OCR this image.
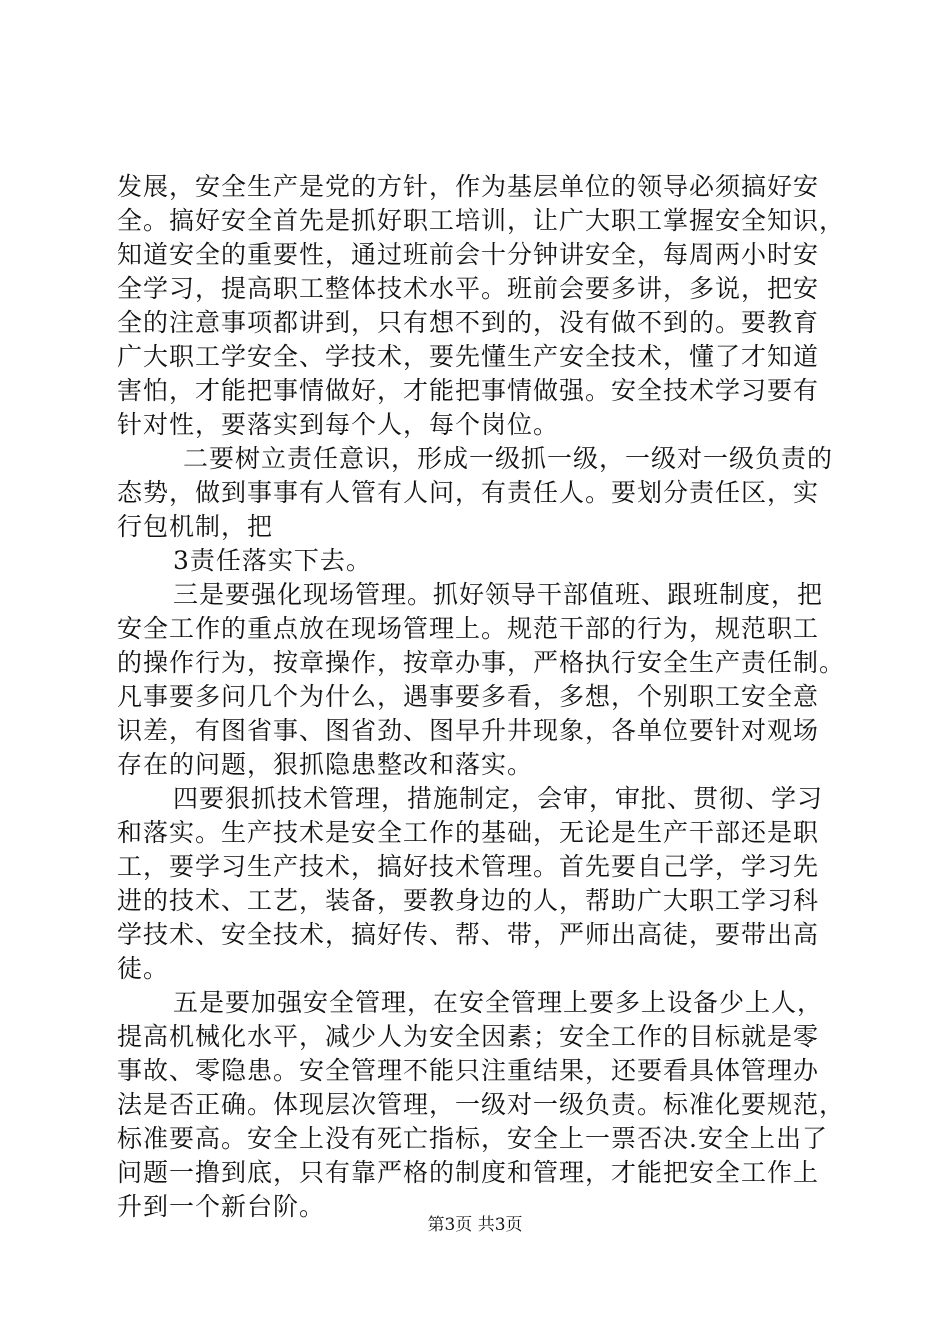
发展，安全生产是党的方针，作为基层单位的领导必须搞好安
全。搞好安全首先是抓好职工培训，让广大职工掌握安全知识，
知道安全的重要性，通过班前会十分钟讲安全，每周两小时安
全学习，提高职工整体技术水平。班前会要多讲，多说，把安
全的注意事项都讲到，只有想不到的，没有做不到的。要教育
广大职工学安全、学技术，要先懂生产安全技术，懂了才知道
害怕，才能把事情做好，才能把事情做强。安全技术学习要有
针对性，要落实到每个人，每个岗位。
二要树立责任意识，形成一级抓一级，一级对一级负责的
态势，做到事事有人管有人问，有责任人。要划分责任区，实
行包机制，把
3责任落实下去。
三是要强化现场管理。抓好领导干部值班、跟班制度，把
安全工作的重点放在现场管理上。规范干部的行为，规范职工
的操作行为，按章操作，按章办事，严格执行安全生产责任制。
凡事要多问几个为什么，遇事要多看，多想，个别职工安全意
识差，有图省事、图省劲、图早升井现象，各单位要针对观场
存在的问题，狠抓隐患整改和落实。
四要狠抓技术管理，措施制定，会审，审批、贯彻、学习
和落实。生产技术是安全工作的基础，无论是生产干部还是职
工，要学习生产技术，搞好技术管理。首先要自己学，学习先
进的技术、工艺，装备，要教身边的人，帮助广大职工学习科
学技术、安全技术，搞好传、帮、带，严师出高徒，要带出高
徒。
五是要加强安全管理，在安全管理上要多上设备少上人，
提高机械化水平，减少人为安全因素；安全工作的目标就是零
事故、零隐患。安全管理不能只注重结果，还要看具体管理办
法是否正确。体现层次管理，一级对一级负责。标准化要规范，
标准要高。安全上没有死亡指标，安全上一票否决.安全上出了
问题一撸到底，只有靠严格的制度和管理，才能把安全工作上
升到一个新台阶。
第3页 共3页
